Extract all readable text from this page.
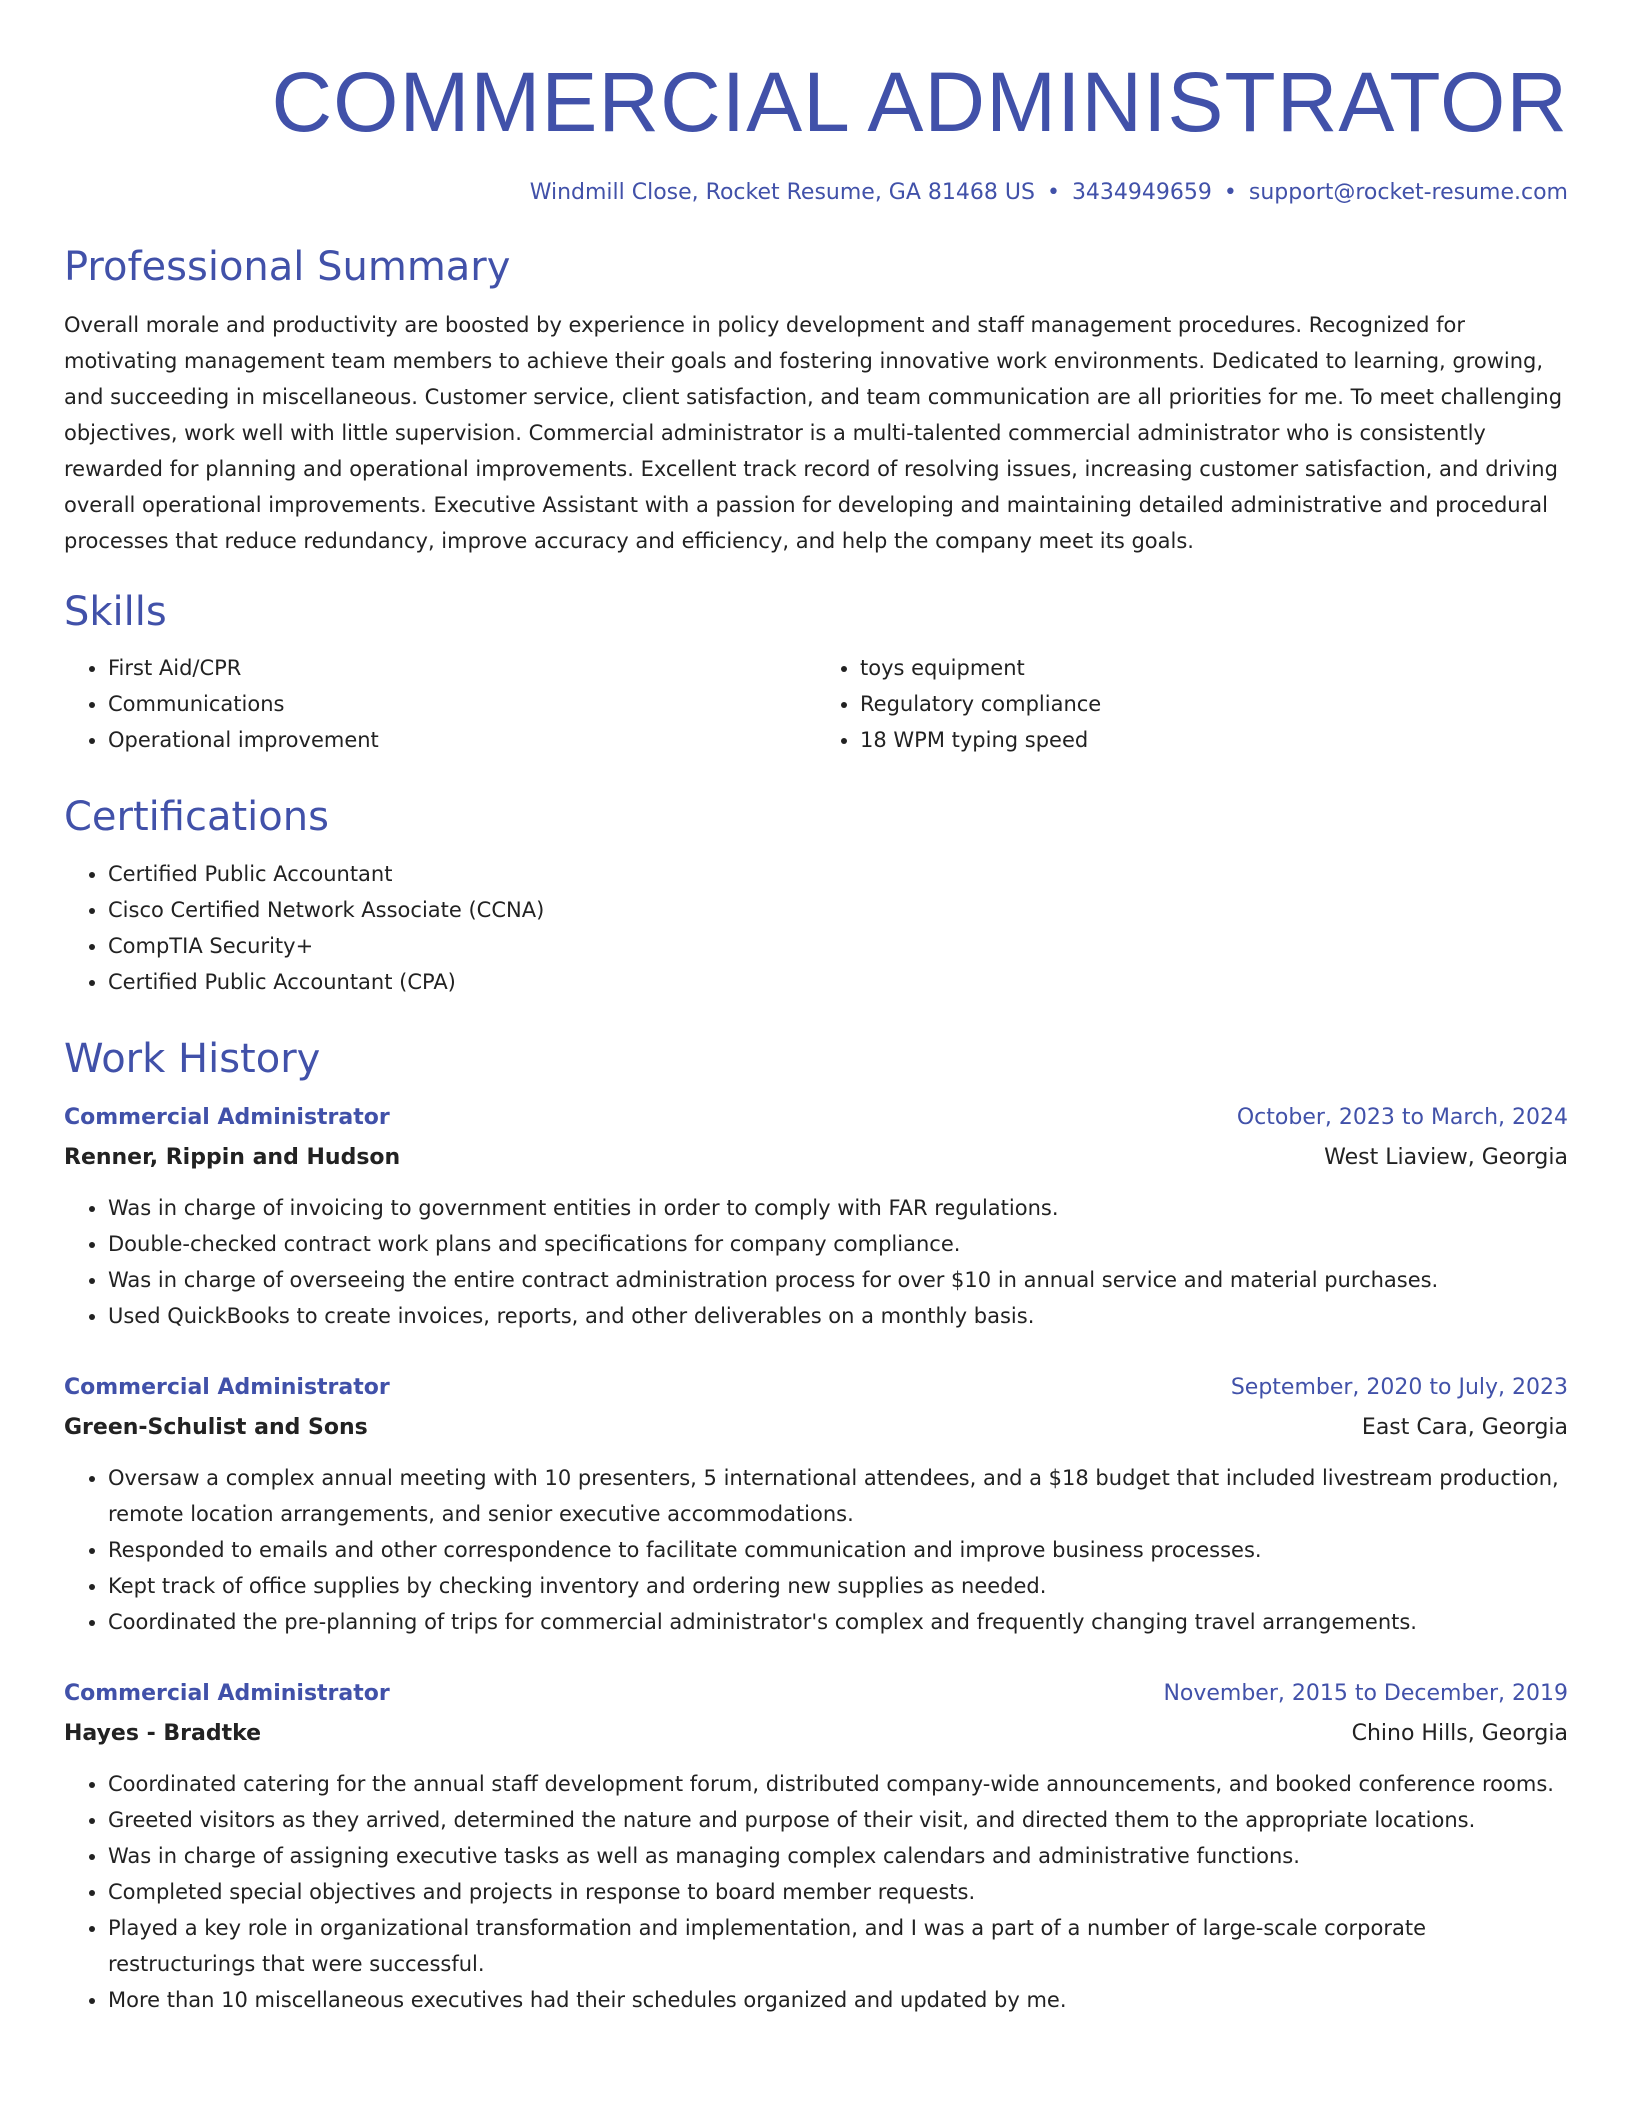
COMMERCIAL ADMINISTRATOR
Windmill Close, Rocket Resume, GA 81468 US • 3434949659 • support@rocket-resume.com
Professional Summary

Overall morale and productivity are boosted by experience in policy development and staff management procedures. Recognized for motivating management team members to achieve their goals and fostering innovative work environments. Dedicated to learning, growing, and succeeding in miscellaneous. Customer service, client satisfaction, and team communication are all priorities for me. To meet challenging objectives, work well with little supervision. Commercial administrator is a multi-talented commercial administrator who is consistently rewarded for planning and operational improvements. Excellent track record of resolving issues, increasing customer satisfaction, and driving overall operational improvements. Executive Assistant with a passion for developing and maintaining detailed administrative and procedural processes that reduce redundancy, improve accuracy and efficiency, and help the company meet its goals.

Skills
• First Aid/CPR
• Communications
• Operational improvement
• toys equipment
• Regulatory compliance
• 18 WPM typing speed
Certifications
• Certified Public Accountant
• Cisco Certified Network Associate (CCNA)
• CompTIA Security+
• Certified Public Accountant (CPA)
Work History
Commercial Administrator	October, 2023 to March, 2024
Renner, Rippin and Hudson	West Liaview, Georgia
• Was in charge of invoicing to government entities in order to comply with FAR regulations.
• Double-checked contract work plans and specifications for company compliance.
• Was in charge of overseeing the entire contract administration process for over $10 in annual service and material purchases.
• Used QuickBooks to create invoices, reports, and other deliverables on a monthly basis.
Commercial Administrator	September, 2020 to July, 2023
Green-Schulist and Sons	East Cara, Georgia
• Oversaw a complex annual meeting with 10 presenters, 5 international attendees, and a $18 budget that included livestream production, remote location arrangements, and senior executive accommodations.
• Responded to emails and other correspondence to facilitate communication and improve business processes.
• Kept track of office supplies by checking inventory and ordering new supplies as needed.
• Coordinated the pre-planning of trips for commercial administrator's complex and frequently changing travel arrangements.
Commercial Administrator	November, 2015 to December, 2019
Hayes - Bradtke	Chino Hills, Georgia
• Coordinated catering for the annual staff development forum, distributed company-wide announcements, and booked conference rooms.
• Greeted visitors as they arrived, determined the nature and purpose of their visit, and directed them to the appropriate locations.
• Was in charge of assigning executive tasks as well as managing complex calendars and administrative functions.
• Completed special objectives and projects in response to board member requests.
• Played a key role in organizational transformation and implementation, and I was a part of a number of large-scale corporate restructurings that were successful.
• More than 10 miscellaneous executives had their schedules organized and updated by me.
